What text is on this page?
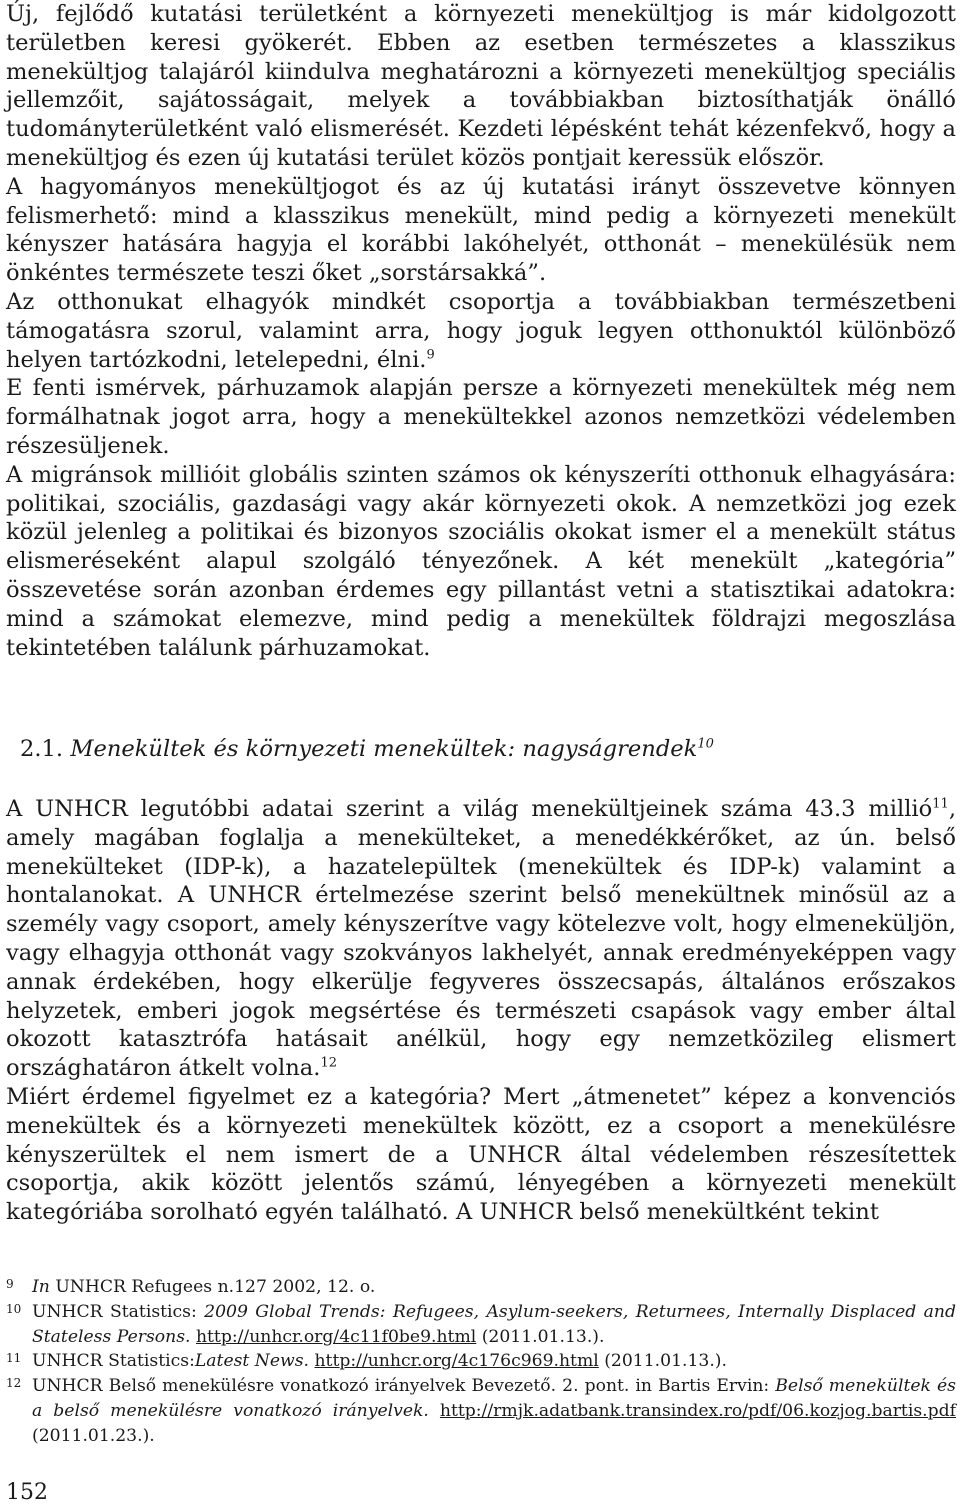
Új, fejlődő kutatási területként a környezeti menekültjog is már kidolgozott területben keresi gyökerét. Ebben az esetben természetes a klasszikus menekültjog talajáról kiindulva meghatározni a környezeti menekültjog speciális jellemzőit, sajátosságait, melyek a továbbiakban biztosíthatják önálló tudományterületként való elismerését. Kezdeti lépésként tehát kézenfekvő, hogy a menekültjog és ezen új kutatási terület közös pontjait keressük először.

A hagyományos menekültjogot és az új kutatási irányt összevetve könnyen felismerhető: mind a klasszikus menekült, mind pedig a környezeti menekült kényszer hatására hagyja el korábbi lakóhelyét, otthonát – menekülésük nem önkéntes természete teszi őket „sorstársakká”.

Az otthonukat elhagyók mindkét csoportja a továbbiakban természetbeni támogatásra szorul, valamint arra, hogy joguk legyen otthonuktól különböző helyen tartózkodni, letelepedni, élni.$^9$

E fenti ismérvek, párhuzamok alapján persze a környezeti menekültek még nem formálhatnak jogot arra, hogy a menekültekkel azonos nemzetközi védelemben részesüljenek.

A migránsok millióit globális szinten számos ok kényszeríti otthonuk elhagyására: politikai, szociális, gazdasági vagy akár környezeti okok. A nemzetközi jog ezek közül jelenleg a politikai és bizonyos szociális okokat ismer el a menekült státus elismeréseként alapul szolgáló tényezőnek. A két menekült „kategória” összevetése során azonban érdemes egy pillantást vetni a statisztikai adatokra: mind a számokat elemezve, mind pedig a menekültek földrajzi megoszlása tekintetében találunk párhuzamokat.

2.1. Menekültek és környezeti menekültek: nagyságrendek$^{10}$

A UNHCR legutóbbi adatai szerint a világ menekültjeinek száma 43.3 millió$^{11}$, amely magában foglalja a menekülteket, a menedékkérőket, az ún. belső menekülteket (IDP-k), a hazatelepültek (menekültek és IDP-k) valamint a hontalanokat. A UNHCR értelmezése szerint belső menekültnek minősül az a személy vagy csoport, amely kényszerítve vagy kötelezve volt, hogy elmeneküljön, vagy elhagyja otthonát vagy szokványos lakhelyét, annak eredményeképpen vagy annak érdekében, hogy elkerülje fegyveres összecsapás, általános erőszakos helyzetek, emberi jogok megsértése és természeti csapások vagy ember által okozott katasztrófa hatásait anélkül, hogy egy nemzetközileg elismert országhatáron átkelt volna.$^{12}$

Miért érdemel figyelmet ez a kategória? Mert „átmenetet” képez a konvenciós menekültek és a környezeti menekültek között, ez a csoport a menekülésre kényszerültek el nem ismert de a UNHCR által védelemben részesítettek csoportja, akik között jelentős számú, lényegében a környezeti menekült kategóriába sorolható egyén található. A UNHCR belső menekültként tekint

9	In UNHCR Refugees n.127 2002, 12. o.
10 UNHCR Statistics: 2009 Global Trends: Refugees, Asylum-seekers, Returnees, Internally Displaced and Stateless Persons. http://unhcr.org/4c11f0be9.html (2011.01.13.).
11 UNHCR Statistics:Latest News. http://unhcr.org/4c176c969.html (2011.01.13.).
12 UNHCR Belső menekülésre vonatkozó irányelvek Bevezető. 2. pont. in Bartis Ervin: Belső menekültek és a belső menekülésre vonatkozó irányelvek. http://rmjk.adatbank.transindex.ro/pdf/06.kozjog.bartis.pdf (2011.01.23.).
152
